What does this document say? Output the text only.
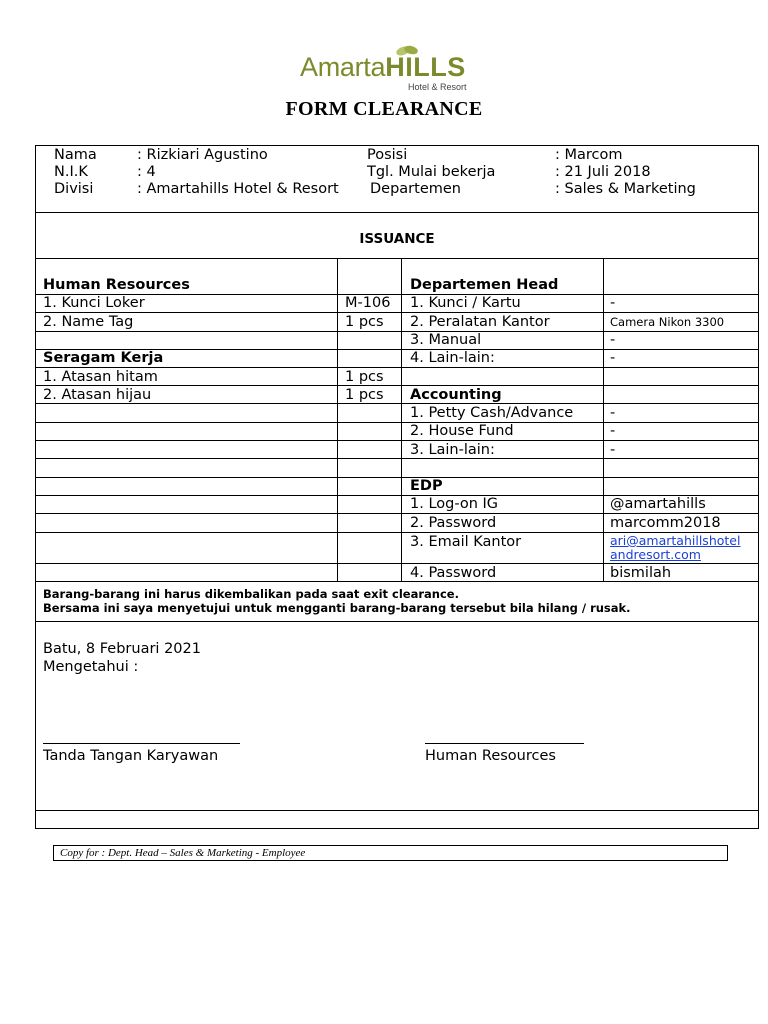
AmartaHILLS
Hotel & Resort
FORM CLEARANCE
Nama	: Rizkiari Agustino	Posisi	: Marcom
N.I.K	: 4	Tgl. Mulai bekerja	: 21 Juli 2018
Divisi	: Amartahills Hotel & Resort Departemen	: Sales & Marketing
ISSUANCE
Human Resources
1. Kunci Loker	M-106
2. Name Tag	1 pcs
Seragam Kerja
1. Atasan hitam	1 pcs
2. Atasan hijau	1 pcs
Departemen Head
1. Kunci / Kartu	-
2. Peralatan Kantor	Camera Nikon 3300
3. Manual	-
4. Lain-lain:	-
Accounting
1. Petty Cash/Advance	-
2. House Fund	-
3. Lain-lain:	-
EDP
1. Log-on IG	@amartahills
2. Password	marcomm2018
3. Email Kantor	ari@amartahillshotel
andresort.com
4. Password	bismilah
Barang-barang ini harus dikembalikan pada saat exit clearance.
Bersama ini saya menyetujui untuk mengganti barang-barang tersebut bila hilang / rusak.
Batu, 8 Februari 2021
Mengetahui :
Tanda Tangan Karyawan	Human Resources
Copy for : Dept. Head – Sales & Marketing - Employee
